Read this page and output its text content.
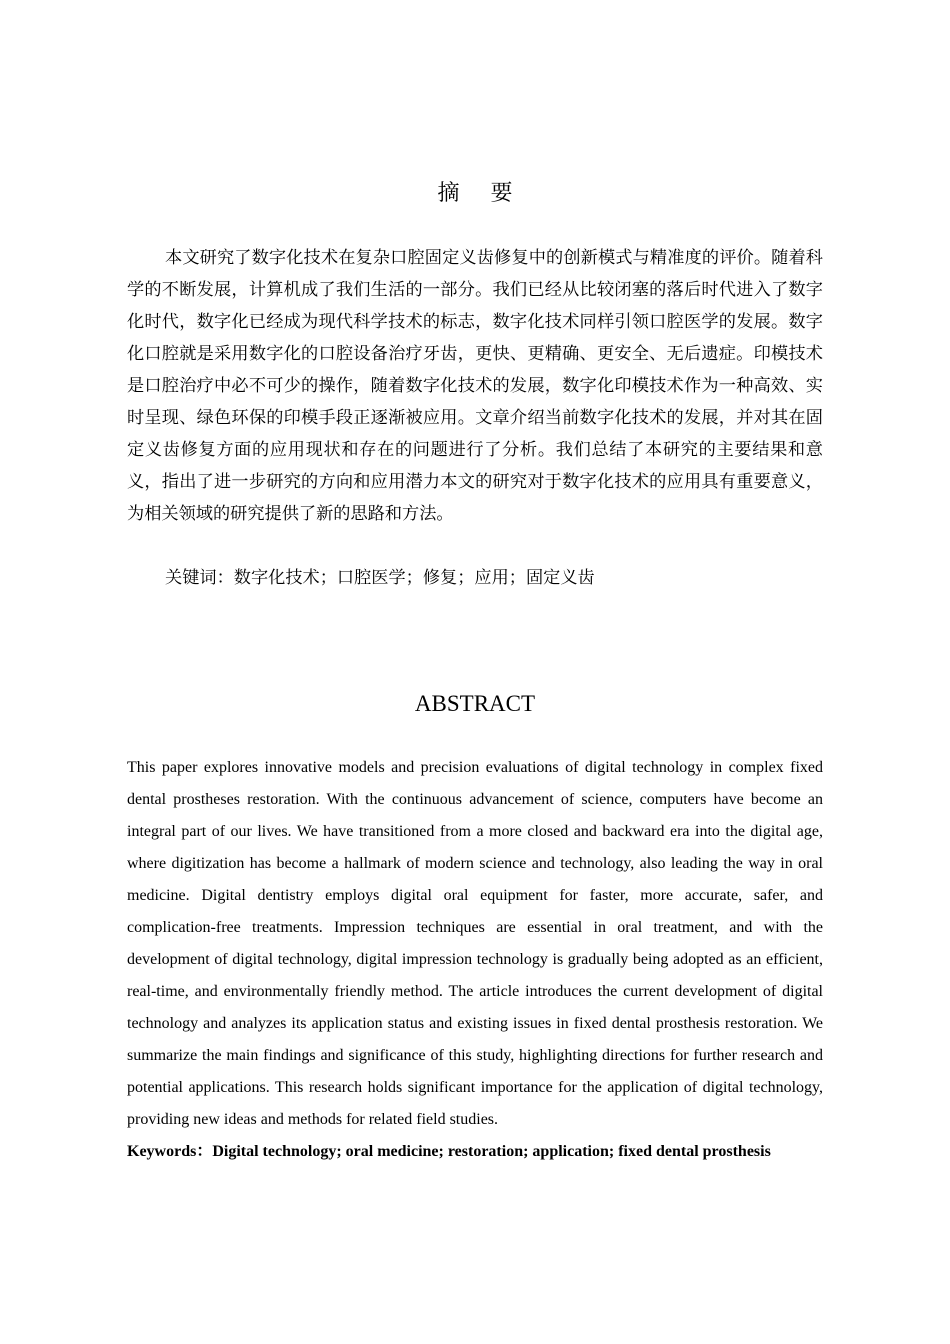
摘 要

本文研究了数字化技术在复杂口腔固定义齿修复中的创新模式与精准度的评价。随着科学的不断发展，计算机成了我们生活的一部分。我们已经从比较闭塞的落后时代进入了数字化时代，数字化已经成为现代科学技术的标志，数字化技术同样引领口腔医学的发展。数字化口腔就是采用数字化的口腔设备治疗牙齿，更快、更精确、更安全、无后遗症。印模技术是口腔治疗中必不可少的操作，随着数字化技术的发展，数字化印模技术作为一种高效、实时呈现、绿色环保的印模手段正逐渐被应用。文章介绍当前数字化技术的发展，并对其在固定义齿修复方面的应用现状和存在的问题进行了分析。我们总结了本研究的主要结果和意义，指出了进一步研究的方向和应用潜力本文的研究对于数字化技术的应用具有重要意义，为相关领域的研究提供了新的思路和方法。

关键词：数字化技术；口腔医学；修复；应用；固定义齿

ABSTRACT

This paper explores innovative models and precision evaluations of digital technology in complex fixed dental prostheses restoration. With the continuous advancement of science, computers have become an integral part of our lives. We have transitioned from a more closed and backward era into the digital age, where digitization has become a hallmark of modern science and technology, also leading the way in oral medicine. Digital dentistry employs digital oral equipment for faster, more accurate, safer, and complication-free treatments. Impression techniques are essential in oral treatment, and with the development of digital technology, digital impression technology is gradually being adopted as an efficient, real-time, and environmentally friendly method. The article introduces the current development of digital technology and analyzes its application status and existing issues in fixed dental prosthesis restoration. We summarize the main findings and significance of this study, highlighting directions for further research and potential applications. This research holds significant importance for the application of digital technology, providing new ideas and methods for related field studies.

Keywords：Digital technology; oral medicine; restoration; application; fixed dental prosthesis
